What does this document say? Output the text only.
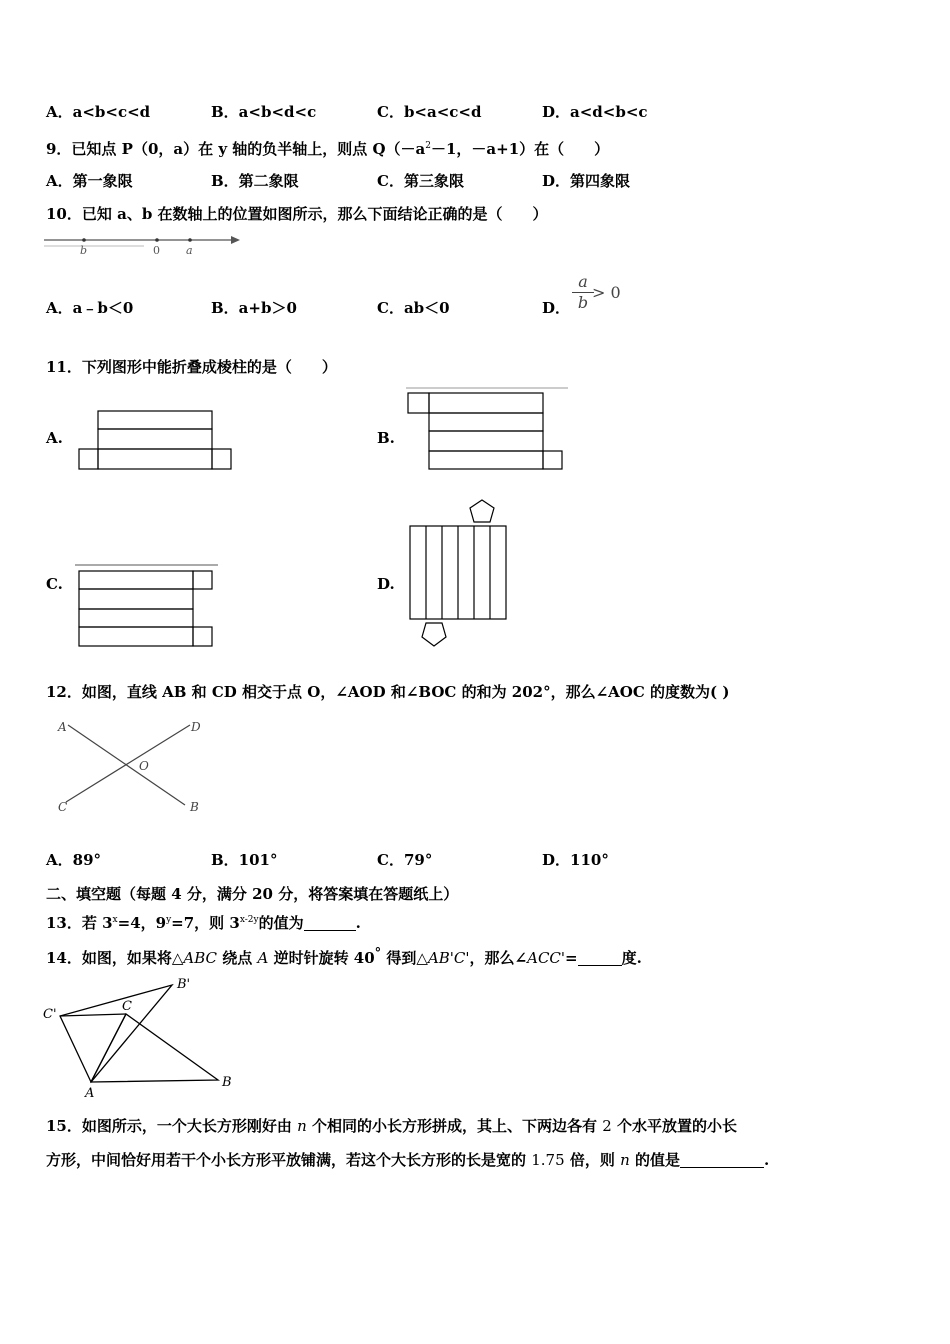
A．a<b<c<d	B．a<b<d<c	C．b<a<c<d	D．a<d<b<c
9．已知点 P（0，a）在 y 轴的负半轴上，则点 $Q(-a^2-1$，－a+1）在（　　）
A．第一象限	B．第二象限	C．第三象限	D．第四象限
10．已知 a、b 在数轴上的位置如图所示，那么下面结论正确的是（　　）
b	0 a
A．a﹣b＜0	B．a+b＞0	C．ab＜0	D．
a
b
> 0
11．下列图形中能折叠成棱柱的是（　　）
A.	B.
C.	D.
12．如图，直线 AB 和 CD 相交于点 O，∠AOD 和∠BOC 的和为 202°，那么∠AOC 的度数为( )
A	D
O
C	B
A．89°	B．101°	C．79°	D．110°
二、填空题（每题 4 分，满分 20 分，将答案填在答题纸上）
13．若 $3^x=4$，$9^y=7$，则 $3^{x-2y}$的值为	.
14．如图，如果将△ABC 绕点 A 逆时针旋转 40° 得到△AB'C'，那么∠ACC'=	度.
B'
C'
C
A
B
15．如图所示，一个大长方形刚好由 n 个相同的小长方形拼成，其上、下两边各有 2 个水平放置的小长
方形，中间恰好用若干个小长方形平放铺满，若这个大长方形的长是宽的 1.75 倍，则 n 的值是	.
